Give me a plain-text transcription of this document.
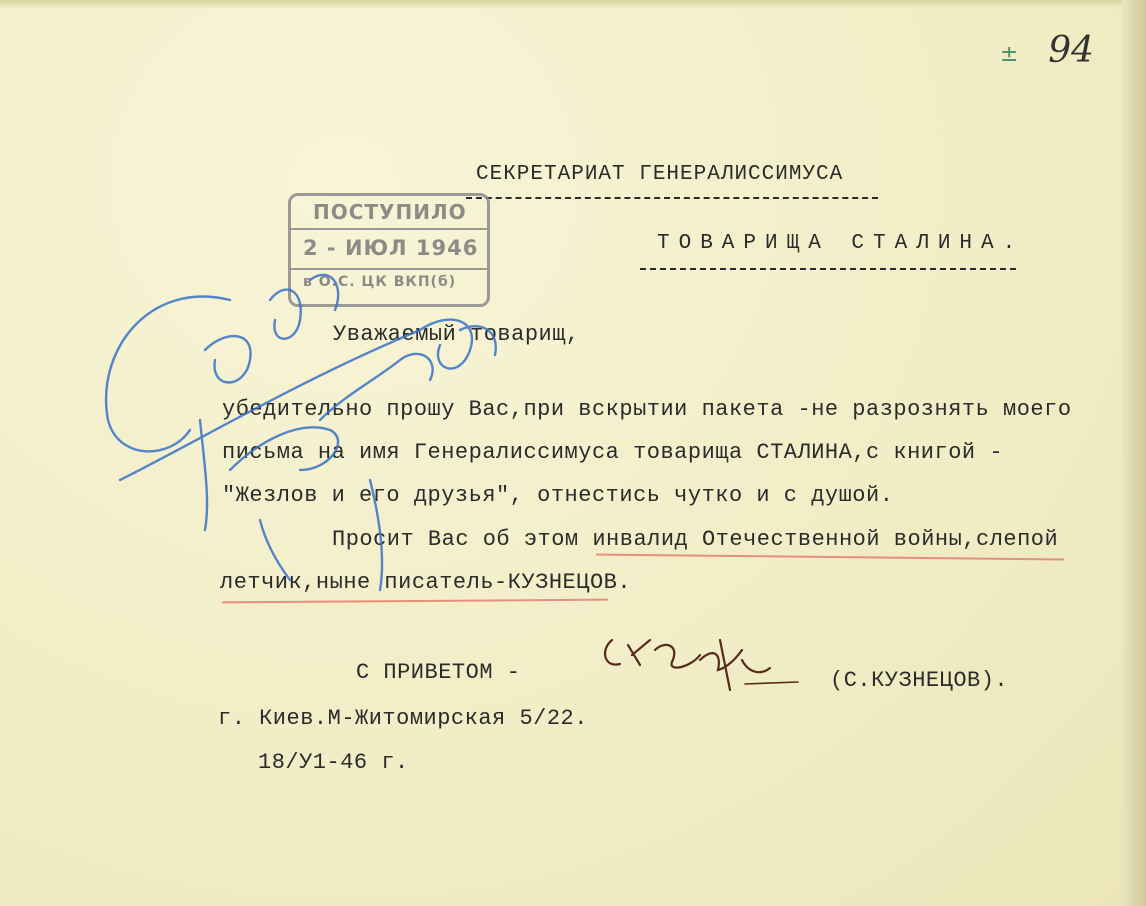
± 94
СЕКРЕТАРИАТ ГЕНЕРАЛИССИМУСА
ТОВАРИЩА СТАЛИНА.
ПОСТУПИЛО
2 - ИЮЛ 1946
в О.С. ЦК ВКП(б)
Уважаемый товарищ,
убедительно прошу Вас,при вскрытии пакета -не разрознять моего
письма на имя Генералиссимуса товарища СТАЛИНА,с книгой -
"Жезлов и его друзья", отнестись чутко и с душой.
Просит Вас об этом инвалид Отечественной войны,слепой
летчик,ныне писатель-КУЗНЕЦОВ.
С ПРИВЕТОМ -	(С.КУЗНЕЦОВ).
г. Киев.М-Житомирская 5/22.
18/У1-46 г.
